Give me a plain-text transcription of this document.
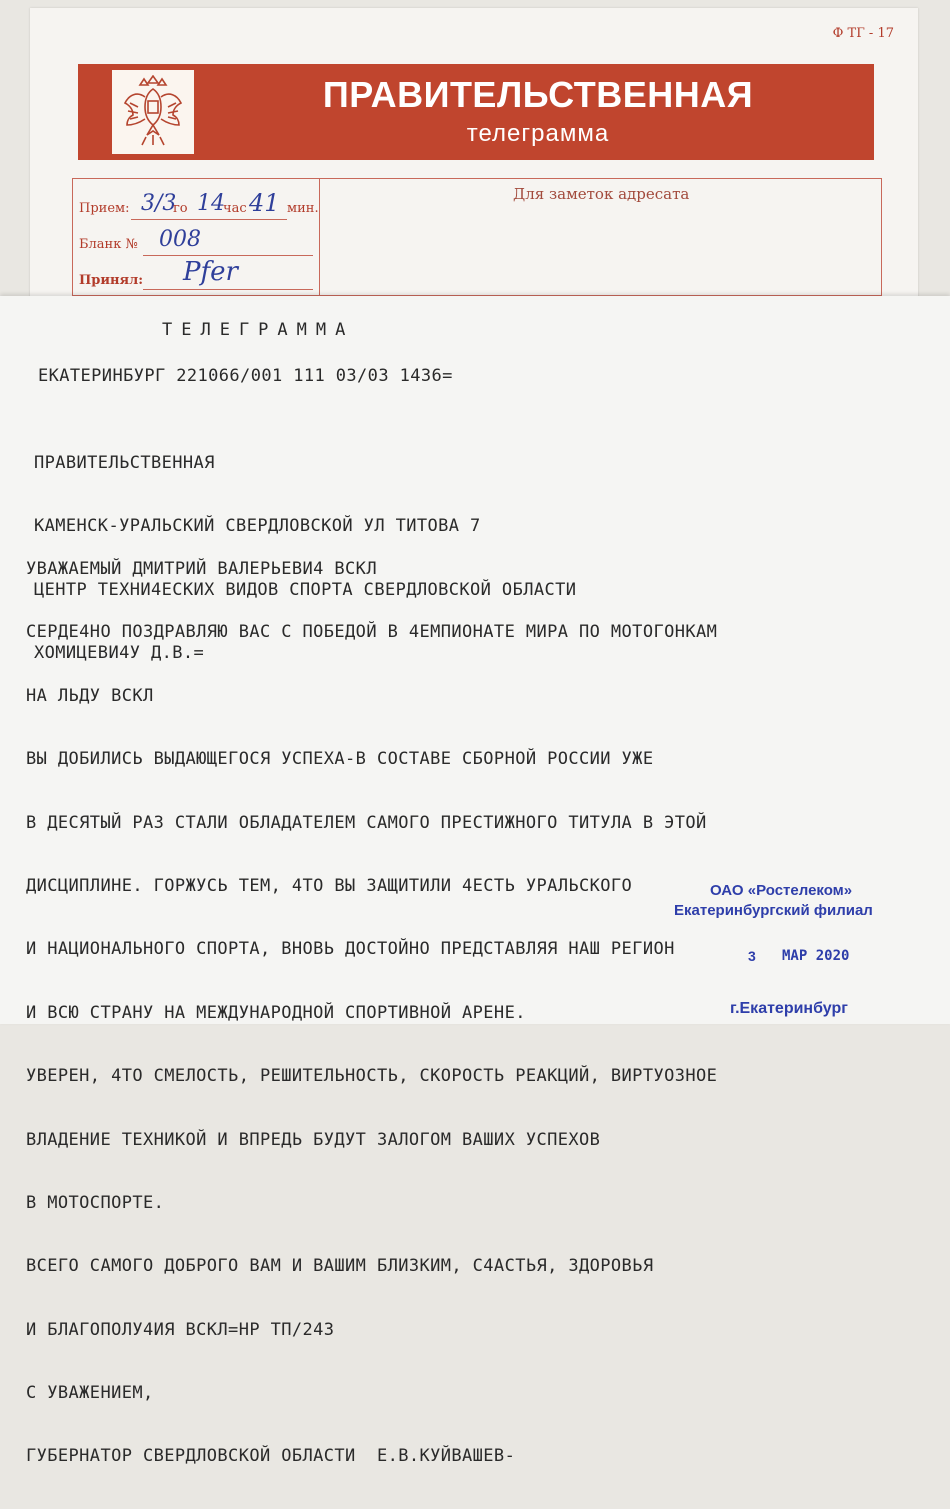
Ф ТГ - 17
ПРАВИТЕЛЬСТВЕННАЯ
телеграмма
Прием: 3/3
го 14
час 41 мин.
Бланк № 008
Принял: Рfer
Для заметок адресата
ТЕЛЕГРАММА
ЕКАТЕРИНБУРГ 221066/001 111 03/03 1436=

ПРАВИТЕЛЬСТВЕННАЯ

КАМЕНСК-УРАЛЬСКИЙ СВЕРДЛОВСКОЙ УЛ ТИТОВА 7

ЦЕНТР ТЕХНИ4ЕСКИХ ВИДОВ СПОРТА СВЕРДЛОВСКОЙ ОБЛАСТИ

ХОМИЦЕВИ4У Д.В.=

УВАЖАЕМЫЙ ДМИТРИЙ ВАЛЕРЬЕВИ4 ВСКЛ

СЕРДЕ4НО ПОЗДРАВЛЯЮ ВАС С ПОБЕДОЙ В 4ЕМПИОНАТЕ МИРА ПО МОТОГОНКАМ

НА ЛЬДУ ВСКЛ

ВЫ ДОБИЛИСЬ ВЫДАЮЩЕГОСЯ УСПЕХА-В СОСТАВЕ СБОРНОЙ РОССИИ УЖЕ

В ДЕСЯТЫЙ РАЗ СТАЛИ ОБЛАДАТЕЛЕМ САМОГО ПРЕСТИЖНОГО ТИТУЛА В ЭТОЙ

ДИСЦИПЛИНЕ. ГОРЖУСЬ ТЕМ, 4ТО ВЫ ЗАЩИТИЛИ 4ЕСТЬ УРАЛЬСКОГО

И НАЦИОНАЛЬНОГО СПОРТА, ВНОВЬ ДОСТОЙНО ПРЕДСТАВЛЯЯ НАШ РЕГИОН

И ВСЮ СТРАНУ НА МЕЖДУНАРОДНОЙ СПОРТИВНОЙ АРЕНЕ.

УВЕРЕН, 4ТО СМЕЛОСТЬ, РЕШИТЕЛЬНОСТЬ, СКОРОСТЬ РЕАКЦИЙ, ВИРТУОЗНОЕ

ВЛАДЕНИЕ ТЕХНИКОЙ И ВПРЕДЬ БУДУТ ЗАЛОГОМ ВАШИХ УСПЕХОВ

В МОТОСПОРТЕ.

ВСЕГО САМОГО ДОБРОГО ВАМ И ВАШИМ БЛИЗКИМ, С4АСТЬЯ, ЗДОРОВЬЯ

И БЛАГОПОЛУ4ИЯ ВСКЛ=НР ТП/243

С УВАЖЕНИЕМ,

ГУБЕРНАТОР СВЕРДЛОВСКОЙ ОБЛАСТИ  Е.В.КУЙВАШЕВ-

ОАО «Ростелеком»
Екатеринбургский филиал
3 МАР 2020
г.Екатеринбург
